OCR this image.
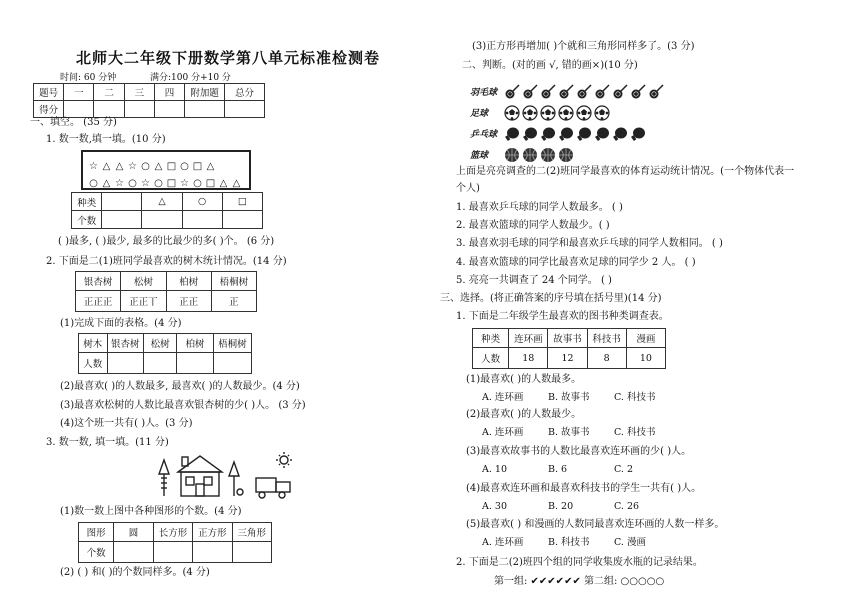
北师大二年级下册数学第八单元标准检测卷
时间: 60 分钟	满分:100 分+10 分
题号	一	二	三	四	附加题	总分
得分						
一、填空。 (35 分)
1. 数一数,填一填。(10 分)
☆ △ △ ☆ ○ △ □ ○ □ △
○ △ ☆ ○ ☆ ○ □ ☆ ○ □ △ △
种类		△	○	□
个数				
( )最多, ( )最少, 最多的比最少的多( )个。 (6 分)
2. 下面是二(1)班同学最喜欢的树木统计情况。(14 分)
银杏树	松树	柏树	梧桐树
正正正	正正丅	正正	正
(1)完成下面的表格。(4 分)
树木	银杏树	松树	柏树	梧桐树
人数				
(2)最喜欢( )的人数最多, 最喜欢( )的人数最少。(4 分)
(3)最喜欢松树的人数比最喜欢银杏树的少( )人。 (3 分)
(4)这个班一共有( )人。(3 分)
3. 数一数, 填一填。(11 分)
(1)数一数上图中各种图形的个数。(4 分)
图形	圆	长方形	正方形	三角形
个数				
(2) ( ) 和( )的个数同样多。(4 分)
(3)正方形再增加( )个就和三角形同样多了。(3 分)
二、判断。(对的画 √, 错的画×)(10 分)
羽毛球
足球
乒乓球
篮球
上面是亮亮调查的二(2)班同学最喜欢的体育运动统计情况。(一个物体代表一
个人)
1. 最喜欢乒乓球的同学人数最多。 ( )
2. 最喜欢篮球的同学人数最少。( )
3. 最喜欢羽毛球的同学和最喜欢乒乓球的同学人数相同。 ( )
4. 最喜欢篮球的同学比最喜欢足球的同学少 2 人。 ( )
5. 亮亮一共调查了 24 个同学。 ( )
三、选择。(将正确答案的序号填在括号里)(14 分)
1. 下面是二年级学生最喜欢的图书种类调查表。
种类	连环画	故事书	科技书	漫画
人数	18	12	8	10
(1)最喜欢( )的人数最多。
A. 连环画	B. 故事书	C. 科技书
(2)最喜欢( )的人数最少。
A. 连环画	B. 故事书	C. 科技书
(3)最喜欢故事书的人数比最喜欢连环画的少( )人。
A. 10	B. 6	C. 2
(4)最喜欢连环画和最喜欢科技书的学生一共有( )人。
A. 30	B. 20	C. 26
(5)最喜欢( ) 和漫画的人数同最喜欢连环画的人数一样多。
A. 连环画	B. 科技书	C. 漫画
2. 下面是二(2)班四个组的同学收集废水瓶的记录结果。
第一组: ✔✔✔✔✔✔ 第二组: ○○○○○
